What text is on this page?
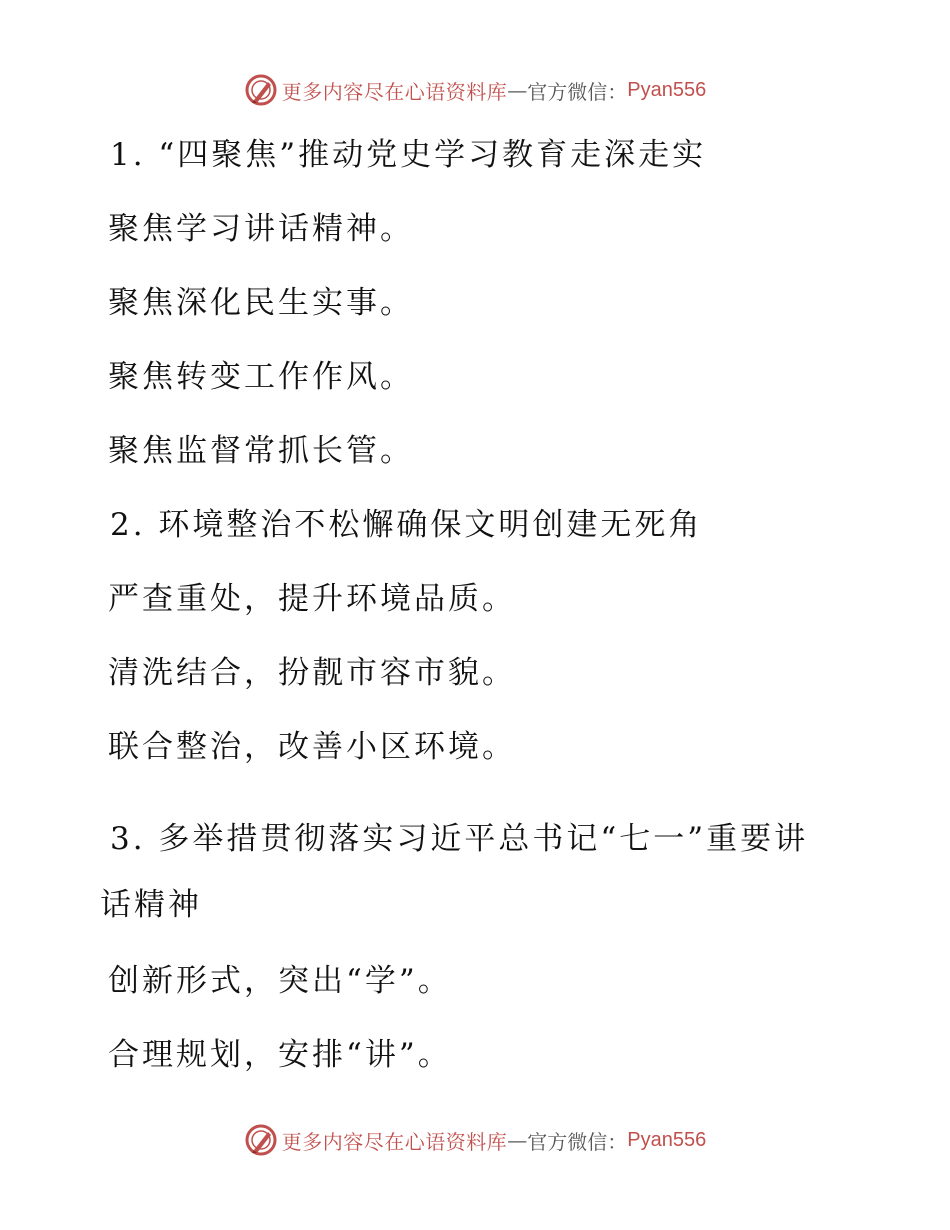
更多内容尽在心语资料库 — 官方微信： Pyan556
1. “四聚焦”推动党史学习教育走深走实
聚焦学习讲话精神。
聚焦深化民生实事。
聚焦转变工作作风。
聚焦监督常抓长管。
2. 环境整治不松懈确保文明创建无死角
严查重处，提升环境品质。
清洗结合，扮靓市容市貌。
联合整治，改善小区环境。
3. 多举措贯彻落实习近平总书记“七一”重要讲
话精神
创新形式，突出“学”。
合理规划，安排“讲”。
更多内容尽在心语资料库 — 官方微信： Pyan556
